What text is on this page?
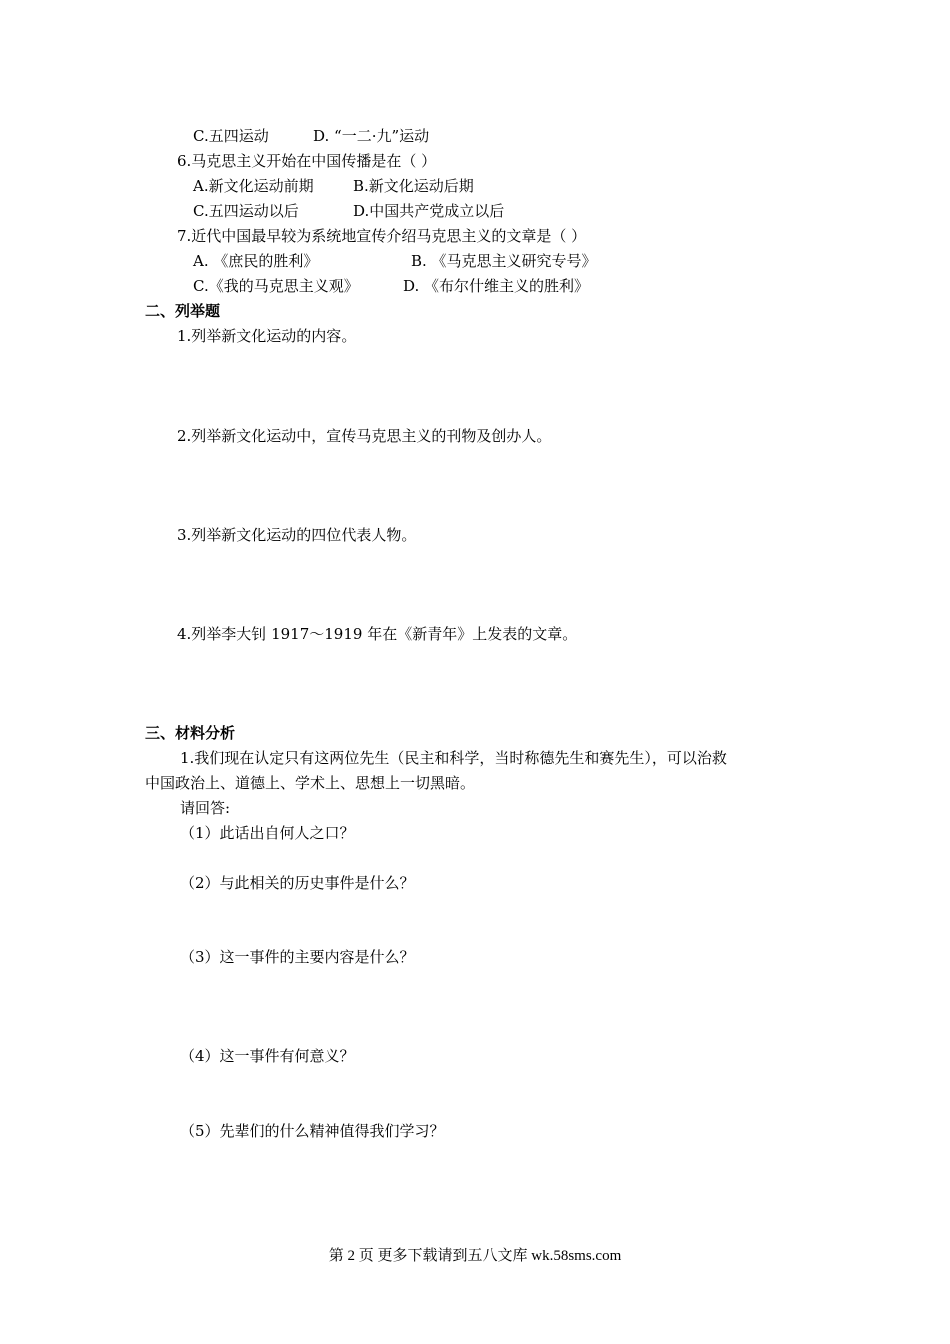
C.五四运动	D. “一二·九”运动
6.马克思主义开始在中国传播是在（ ）
A.新文化运动前期	B.新文化运动后期
C.五四运动以后	D.中国共产党成立以后
7.近代中国最早较为系统地宣传介绍马克思主义的文章是（ ）
A. 《庶民的胜利》	B. 《马克思主义研究专号》
C.《我的马克思主义观》	D. 《布尔什维主义的胜利》
二、列举题
1.列举新文化运动的内容。
2.列举新文化运动中，宣传马克思主义的刊物及创办人。
3.列举新文化运动的四位代表人物。
4.列举李大钊 1917～1919 年在《新青年》上发表的文章。
三、材料分析
1.我们现在认定只有这两位先生（民主和科学，当时称德先生和赛先生），可以治救
中国政治上、道德上、学术上、思想上一切黑暗。
请回答:
（1）此话出自何人之口？
（2）与此相关的历史事件是什么？
（3）这一事件的主要内容是什么？
（4）这一事件有何意义？
（5）先辈们的什么精神值得我们学习？
第 2 页 更多下载请到五八文库 wk.58sms.com
